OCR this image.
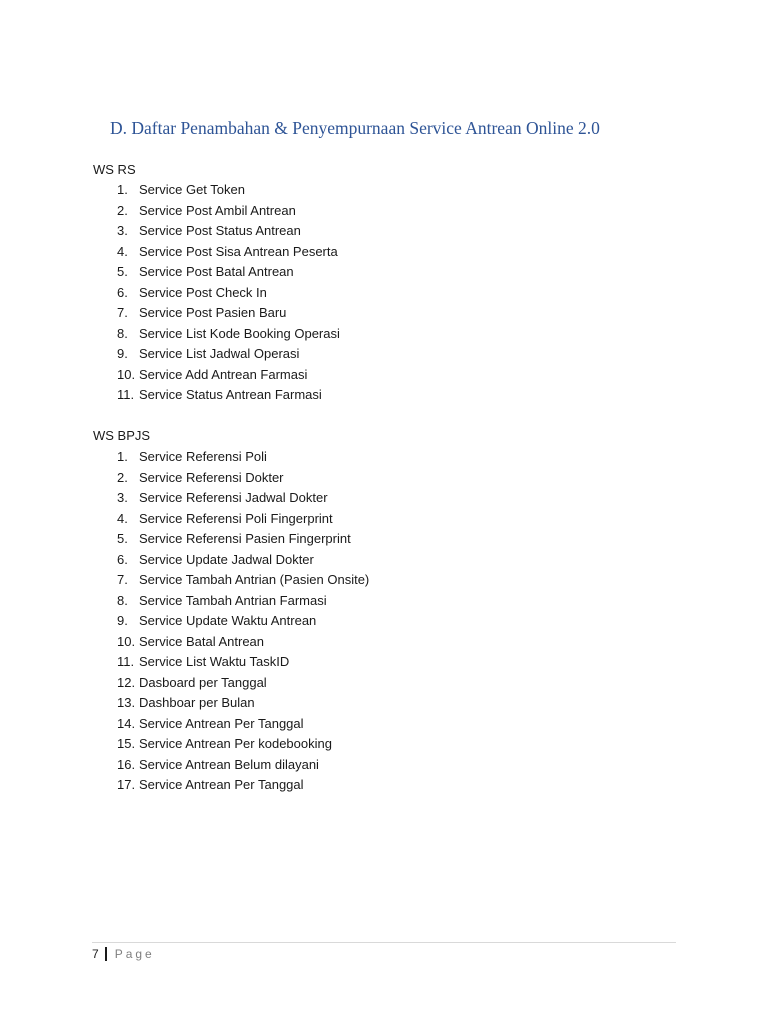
D. Daftar Penambahan & Penyempurnaan Service Antrean Online 2.0
WS RS
1. Service Get Token
2. Service Post Ambil Antrean
3. Service Post Status Antrean
4. Service Post Sisa Antrean Peserta
5. Service Post Batal Antrean
6. Service Post Check In
7. Service Post Pasien Baru
8. Service List Kode Booking Operasi
9. Service List Jadwal Operasi
10. Service Add Antrean Farmasi
11. Service Status Antrean Farmasi
WS BPJS
1. Service Referensi Poli
2. Service Referensi Dokter
3. Service Referensi Jadwal Dokter
4. Service Referensi Poli Fingerprint
5. Service Referensi Pasien Fingerprint
6. Service Update Jadwal Dokter
7. Service Tambah Antrian (Pasien Onsite)
8. Service Tambah Antrian Farmasi
9. Service Update Waktu Antrean
10. Service Batal Antrean
11. Service List Waktu TaskID
12. Dasboard per Tanggal
13. Dashboar per Bulan
14. Service Antrean Per Tanggal
15. Service Antrean Per kodebooking
16. Service Antrean Belum dilayani
17. Service Antrean Per Tanggal
7 Page
